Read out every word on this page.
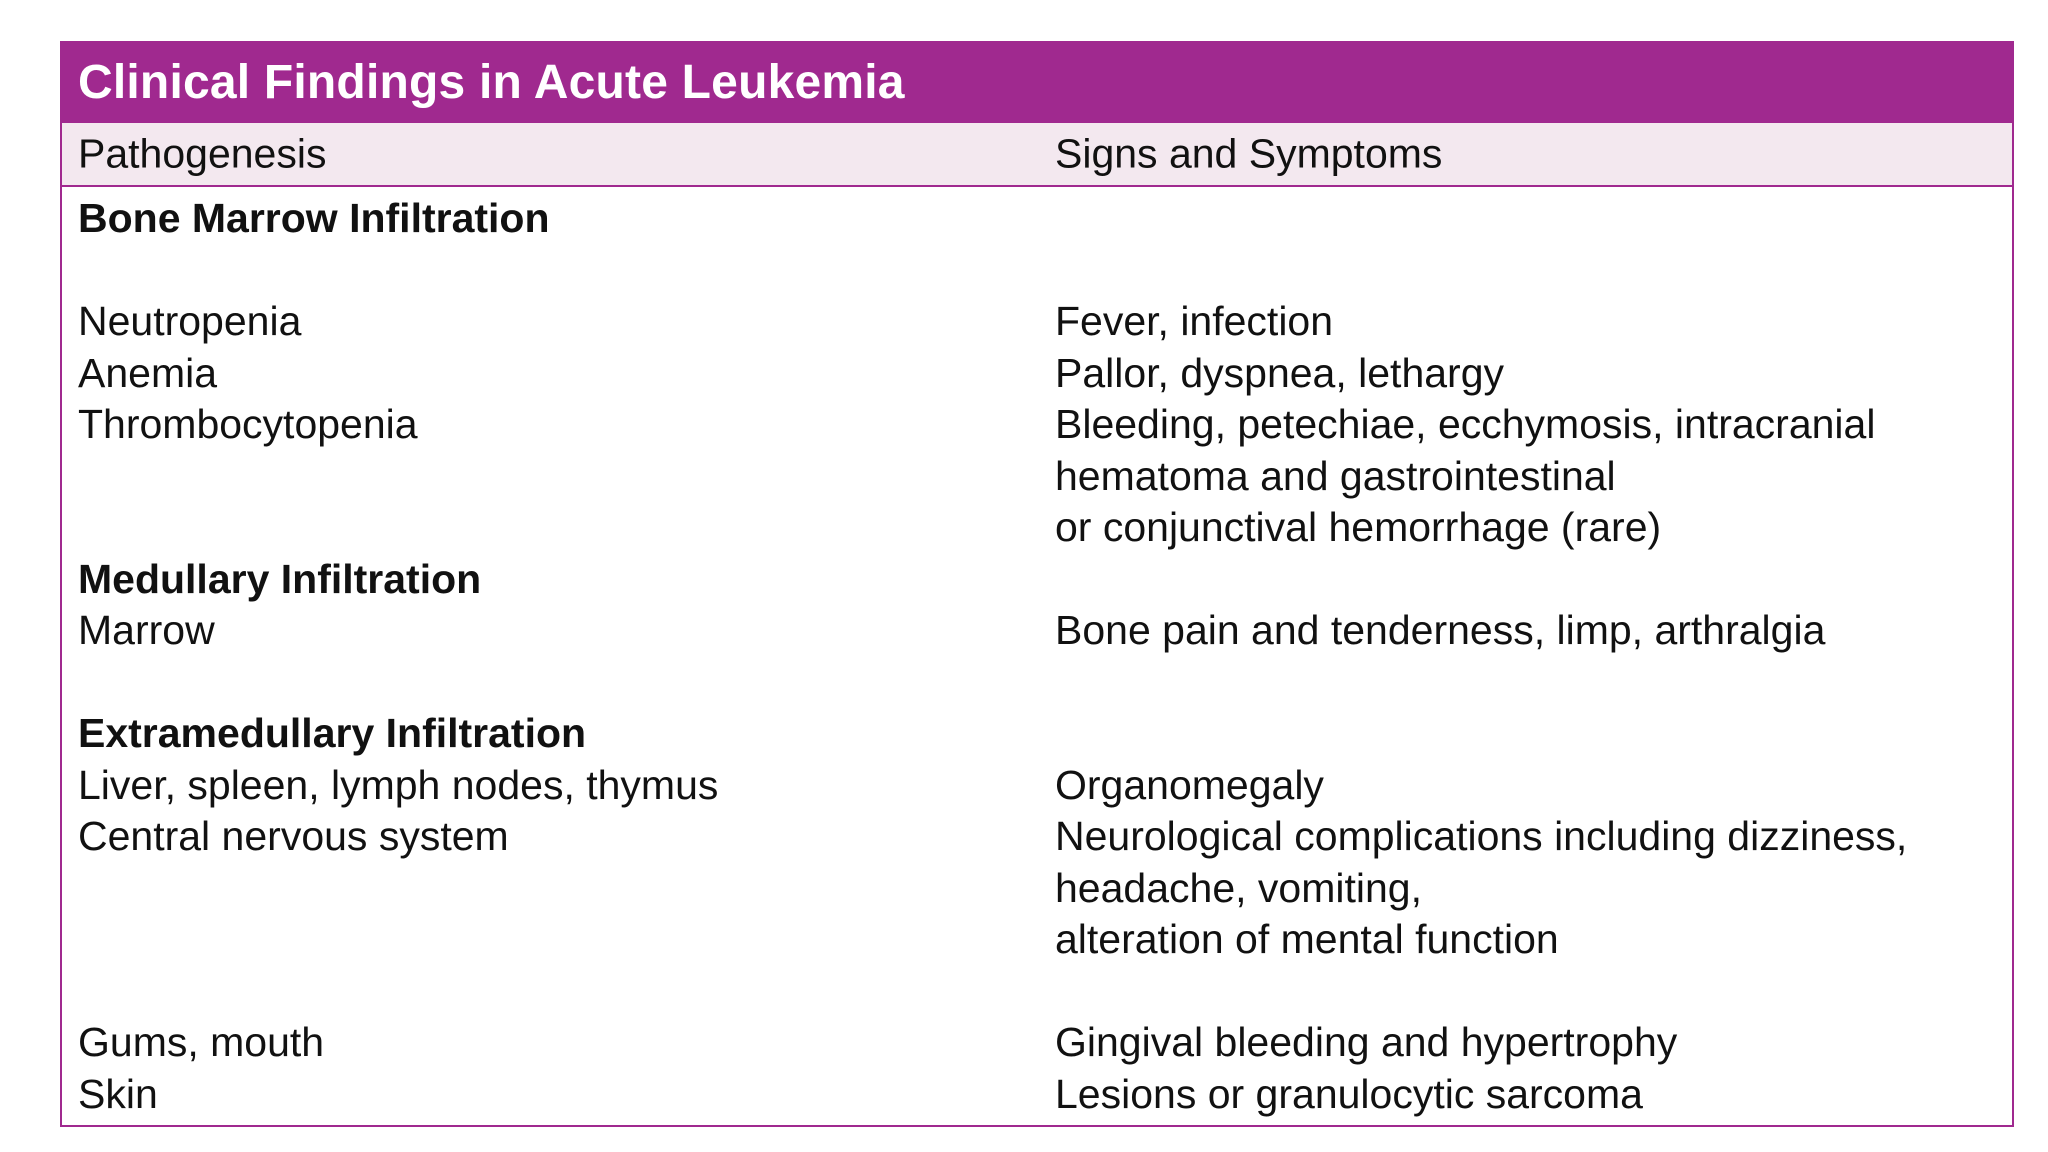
Clinical Findings in Acute Leukemia
Pathogenesis	Signs and Symptoms
Bone Marrow Infiltration

Neutropenia	Fever, infection
Anemia	Pallor, dyspnea, lethargy
Thrombocytopenia	Bleeding, petechiae, ecchymosis, intracranial
hematoma and gastrointestinal
or conjunctival hemorrhage (rare)
Medullary Infiltration

Marrow	Bone pain and tenderness, limp, arthralgia
Extramedullary Infiltration

Liver, spleen, lymph nodes, thymus	Organomegaly
Central nervous system	Neurological complications including dizziness,
headache, vomiting,
alteration of mental function
Gums, mouth	Gingival bleeding and hypertrophy
Skin	Lesions or granulocytic sarcoma
